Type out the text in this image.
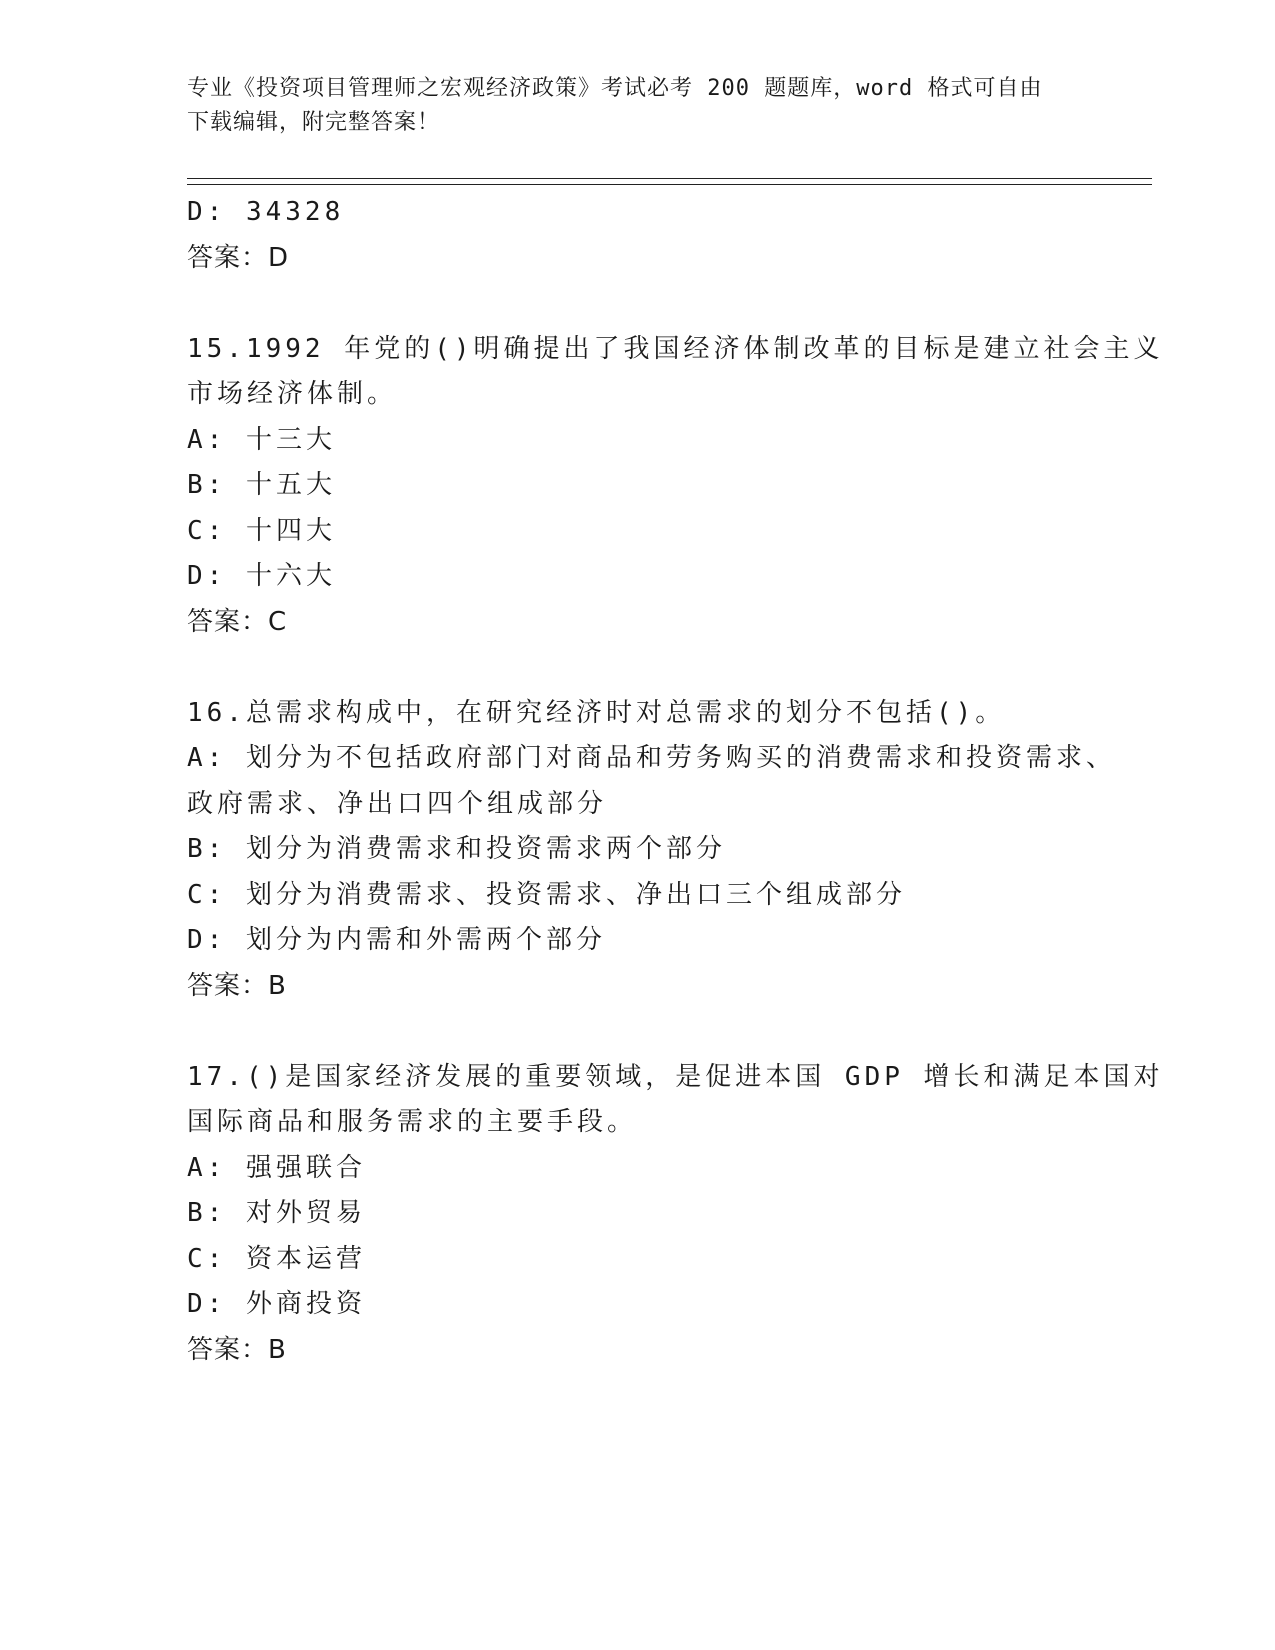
专业《投资项目管理师之宏观经济政策》考试必考 200 题题库，word 格式可自由
下载编辑，附完整答案！
D: 34328
答案：D
15.1992 年党的()明确提出了我国经济体制改革的目标是建立社会主义
市场经济体制。
A: 十三大
B: 十五大
C: 十四大
D: 十六大
答案：C
16.总需求构成中，在研究经济时对总需求的划分不包括()。
A: 划分为不包括政府部门对商品和劳务购买的消费需求和投资需求、
政府需求、净出口四个组成部分
B: 划分为消费需求和投资需求两个部分
C: 划分为消费需求、投资需求、净出口三个组成部分
D: 划分为内需和外需两个部分
答案：B
17.()是国家经济发展的重要领域，是促进本国 GDP 增长和满足本国对
国际商品和服务需求的主要手段。
A: 强强联合
B: 对外贸易
C: 资本运营
D: 外商投资
答案：B
